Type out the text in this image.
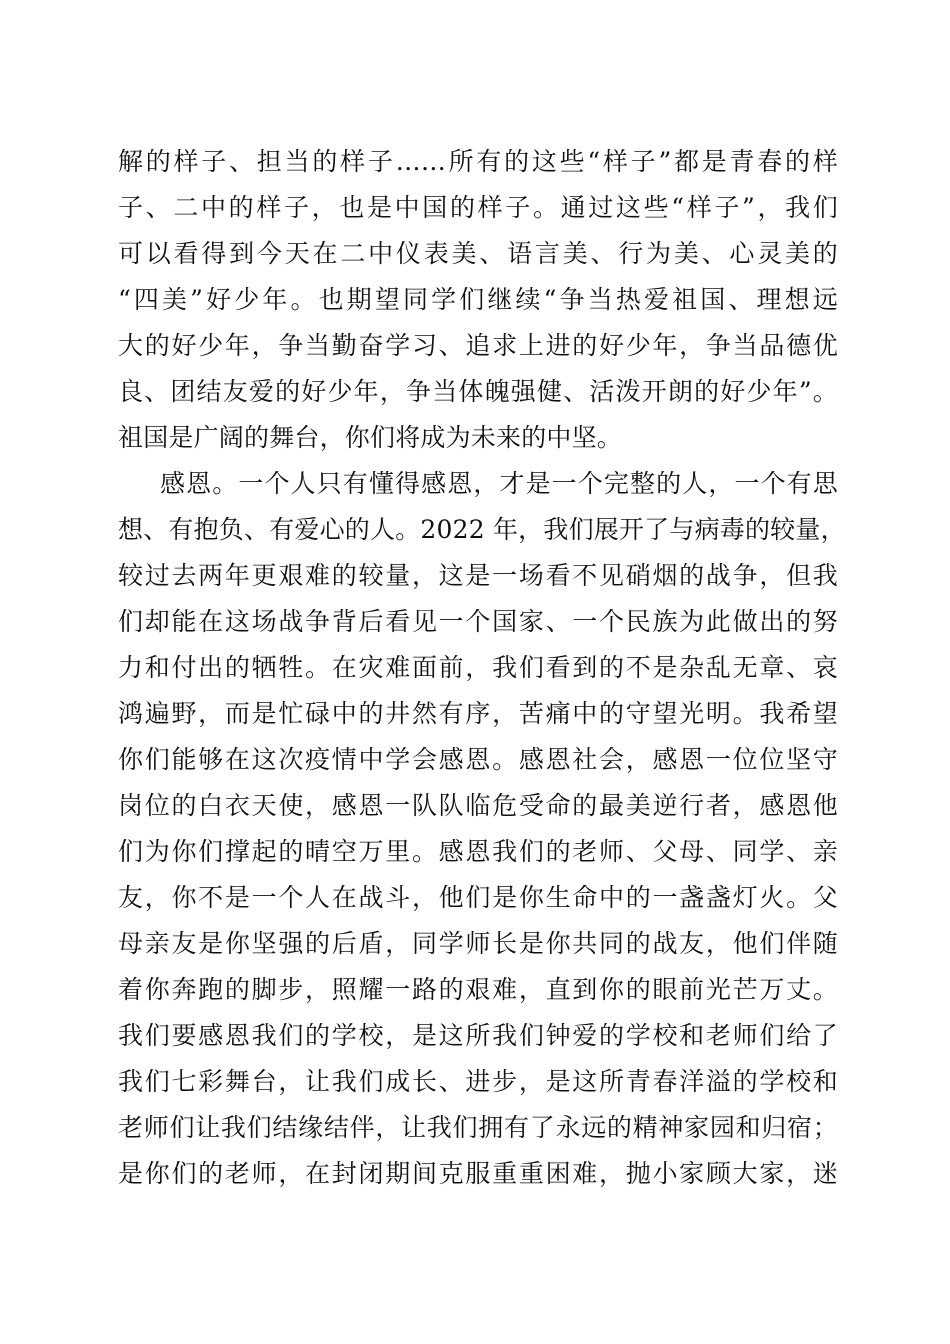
解的样子、担当的样子……所有的这些“样子”都是青春的样
子、二中的样子，也是中国的样子。通过这些“样子”，我们
可以看得到今天在二中仪表美、语言美、行为美、心灵美的
“四美”好少年。也期望同学们继续“争当热爱祖国、理想远
大的好少年，争当勤奋学习、追求上进的好少年，争当品德优
良、团结友爱的好少年，争当体魄强健、活泼开朗的好少年”。
祖国是广阔的舞台，你们将成为未来的中坚。
感恩。一个人只有懂得感恩，才是一个完整的人，一个有思
想、有抱负、有爱心的人。2022 年，我们展开了与病毒的较量，
较过去两年更艰难的较量，这是一场看不见硝烟的战争，但我
们却能在这场战争背后看见一个国家、一个民族为此做出的努
力和付出的牺牲。在灾难面前，我们看到的不是杂乱无章、哀
鸿遍野，而是忙碌中的井然有序，苦痛中的守望光明。我希望
你们能够在这次疫情中学会感恩。感恩社会，感恩一位位坚守
岗位的白衣天使，感恩一队队临危受命的最美逆行者，感恩他
们为你们撑起的晴空万里。感恩我们的老师、父母、同学、亲
友，你不是一个人在战斗，他们是你生命中的一盏盏灯火。父
母亲友是你坚强的后盾，同学师长是你共同的战友，他们伴随
着你奔跑的脚步，照耀一路的艰难，直到你的眼前光芒万丈。
我们要感恩我们的学校，是这所我们钟爱的学校和老师们给了
我们七彩舞台，让我们成长、进步，是这所青春洋溢的学校和
老师们让我们结缘结伴，让我们拥有了永远的精神家园和归宿；
是你们的老师，在封闭期间克服重重困难，抛小家顾大家，迷
